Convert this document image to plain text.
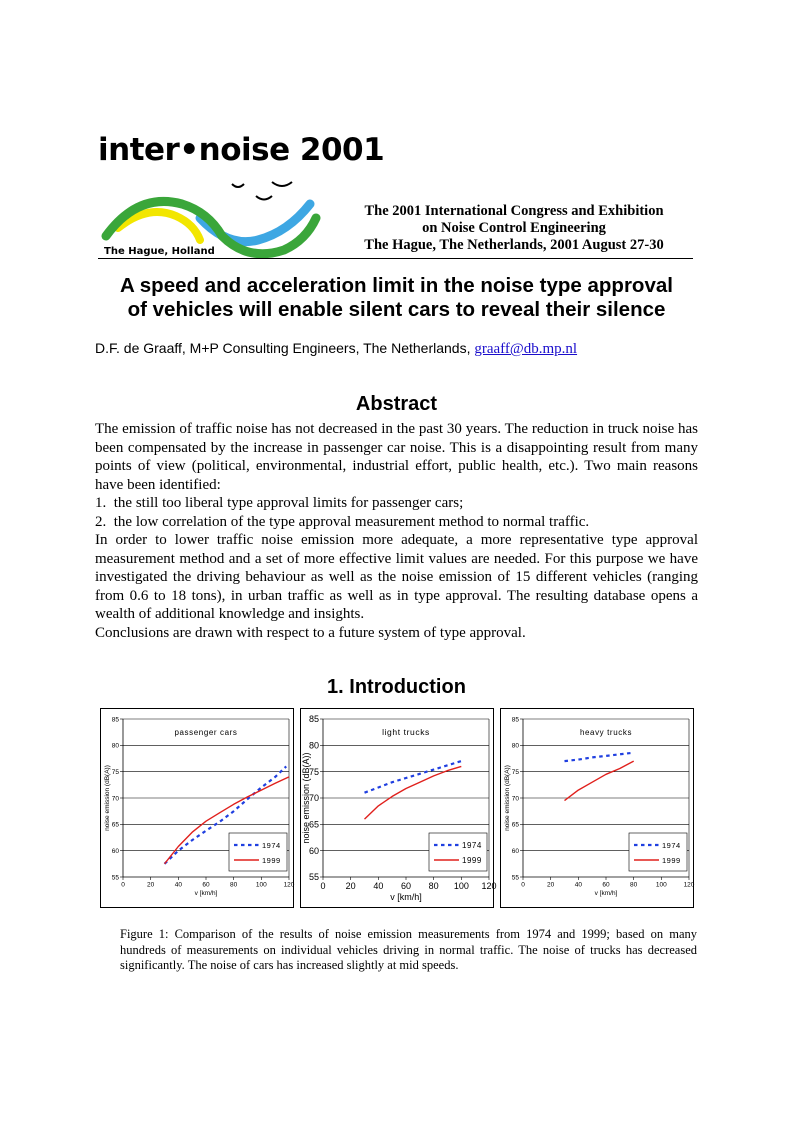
inter•noise 2001
The Hague, Holland
The 2001 International Congress and Exhibition
on Noise Control Engineering
The Hague, The Netherlands, 2001 August 27-30
A speed and acceleration limit in the noise type approval
of vehicles will enable silent cars to reveal their silence
D.F. de Graaff, M+P Consulting Engineers, The Netherlands, graaff@db.mp.nl
Abstract

The emission of traffic noise has not decreased in the past 30 years. The reduction in truck noise has been compensated by the increase in passenger car noise. This is a disappointing result from many points of view (political, environmental, industrial effort, public health, etc.). Two main reasons have been identified:

1.  the still too liberal type approval limits for passenger cars;

2.  the low correlation of the type approval measurement method to normal traffic.

In order to lower traffic noise emission more adequate, a more representative type approval measurement method and a set of more effective limit values are needed. For this purpose we have investigated the driving behaviour as well as the noise emission of 15 different vehicles (ranging from 0.6 to 18 tons), in urban traffic as well as in type approval. The resulting database opens a wealth of additional knowledge and insights.

Conclusions are drawn with respect to a future system of type approval.

1. Introduction
55
60
65
70
75
80
85
0	20	40	60	80	100	120
v [km/h]
noise emission (dB(A))
passenger cars
1974
1999
55
60
65
70
75
80
85
0 20 40 60 80 100 120
v [km/h]
noise emission (dB(A))
light trucks
1974
1999
55
60
65
70
75
80
85
0	20	40	60	80	100	120
v [km/h]
noise emission (dB(A))
heavy trucks
1974
1999
Figure 1: Comparison of the results of noise emission measurements from 1974 and 1999; based on many hundreds of measurements on individual vehicles driving in normal traffic. The noise of trucks has decreased significantly. The noise of cars has increased slightly at mid speeds.
